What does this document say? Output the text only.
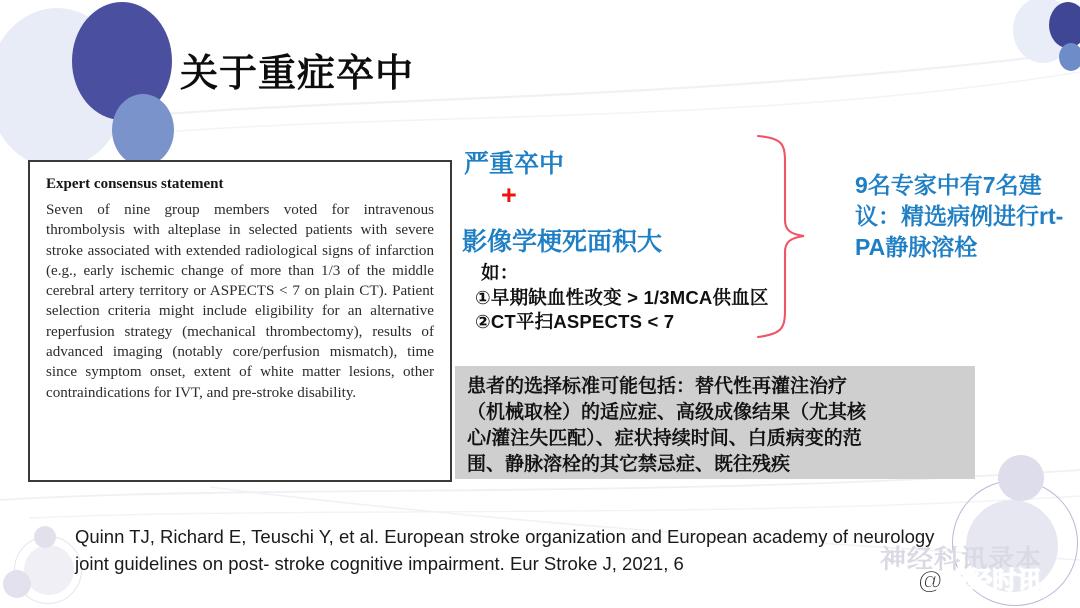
关于重症卒中
Expert consensus statement
Seven of nine group members voted for intravenous thrombolysis with alteplase in selected patients with severe stroke associated with extended radiological signs of infarction (e.g., early ischemic change of more than 1/3 of the middle cerebral artery territory or ASPECTS < 7 on plain CT). Patient selection criteria might include eligibility for an alternative reperfusion strategy (mechanical thrombectomy), results of advanced imaging (notably core/perfusion mismatch), time since symptom onset, extent of white matter lesions, other contraindications for IVT, and pre-stroke disability.
严重卒中
+
影像学梗死面积大
如：
①早期缺血性改变 > 1/3MCA供血区
②CT平扫ASPECTS < 7
9名专家中有7名建议：精选病例进行rt-PA静脉溶栓
患者的选择标准可能包括：替代性再灌注治疗
（机械取栓）的适应症、高级成像结果（尤其核
心/灌注失匹配）、症状持续时间、白质病变的范
围、静脉溶栓的其它禁忌症、既往残疾
Quinn TJ, Richard E, Teuschi Y, et al. European stroke organization and European academy of neurology joint guidelines on post- stroke cognitive impairment. Eur Stroke J, 2021, 6	神经科讯录本
头条 @神经时讯
